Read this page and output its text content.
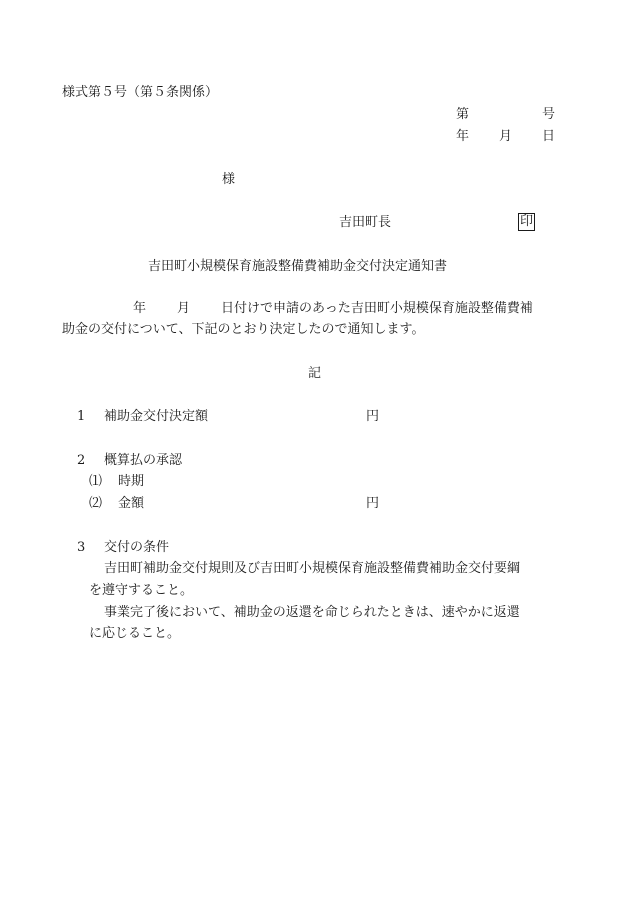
様式第５号（第５条関係）
第	号
年 月 日
様
吉田町長	印
吉田町小規模保育施設整備費補助金交付決定通知書
年 月 日付けで申請のあった吉田町小規模保育施設整備費補
助金の交付について、下記のとおり決定したので通知します。
記
1 補助金交付決定額	円
2 概算払の承認
⑴ 時期
⑵ 金額	円
3 交付の条件
吉田町補助金交付規則及び吉田町小規模保育施設整備費補助金交付要綱
を遵守すること。
事業完了後において、補助金の返還を命じられたときは、速やかに返還
に応じること。
